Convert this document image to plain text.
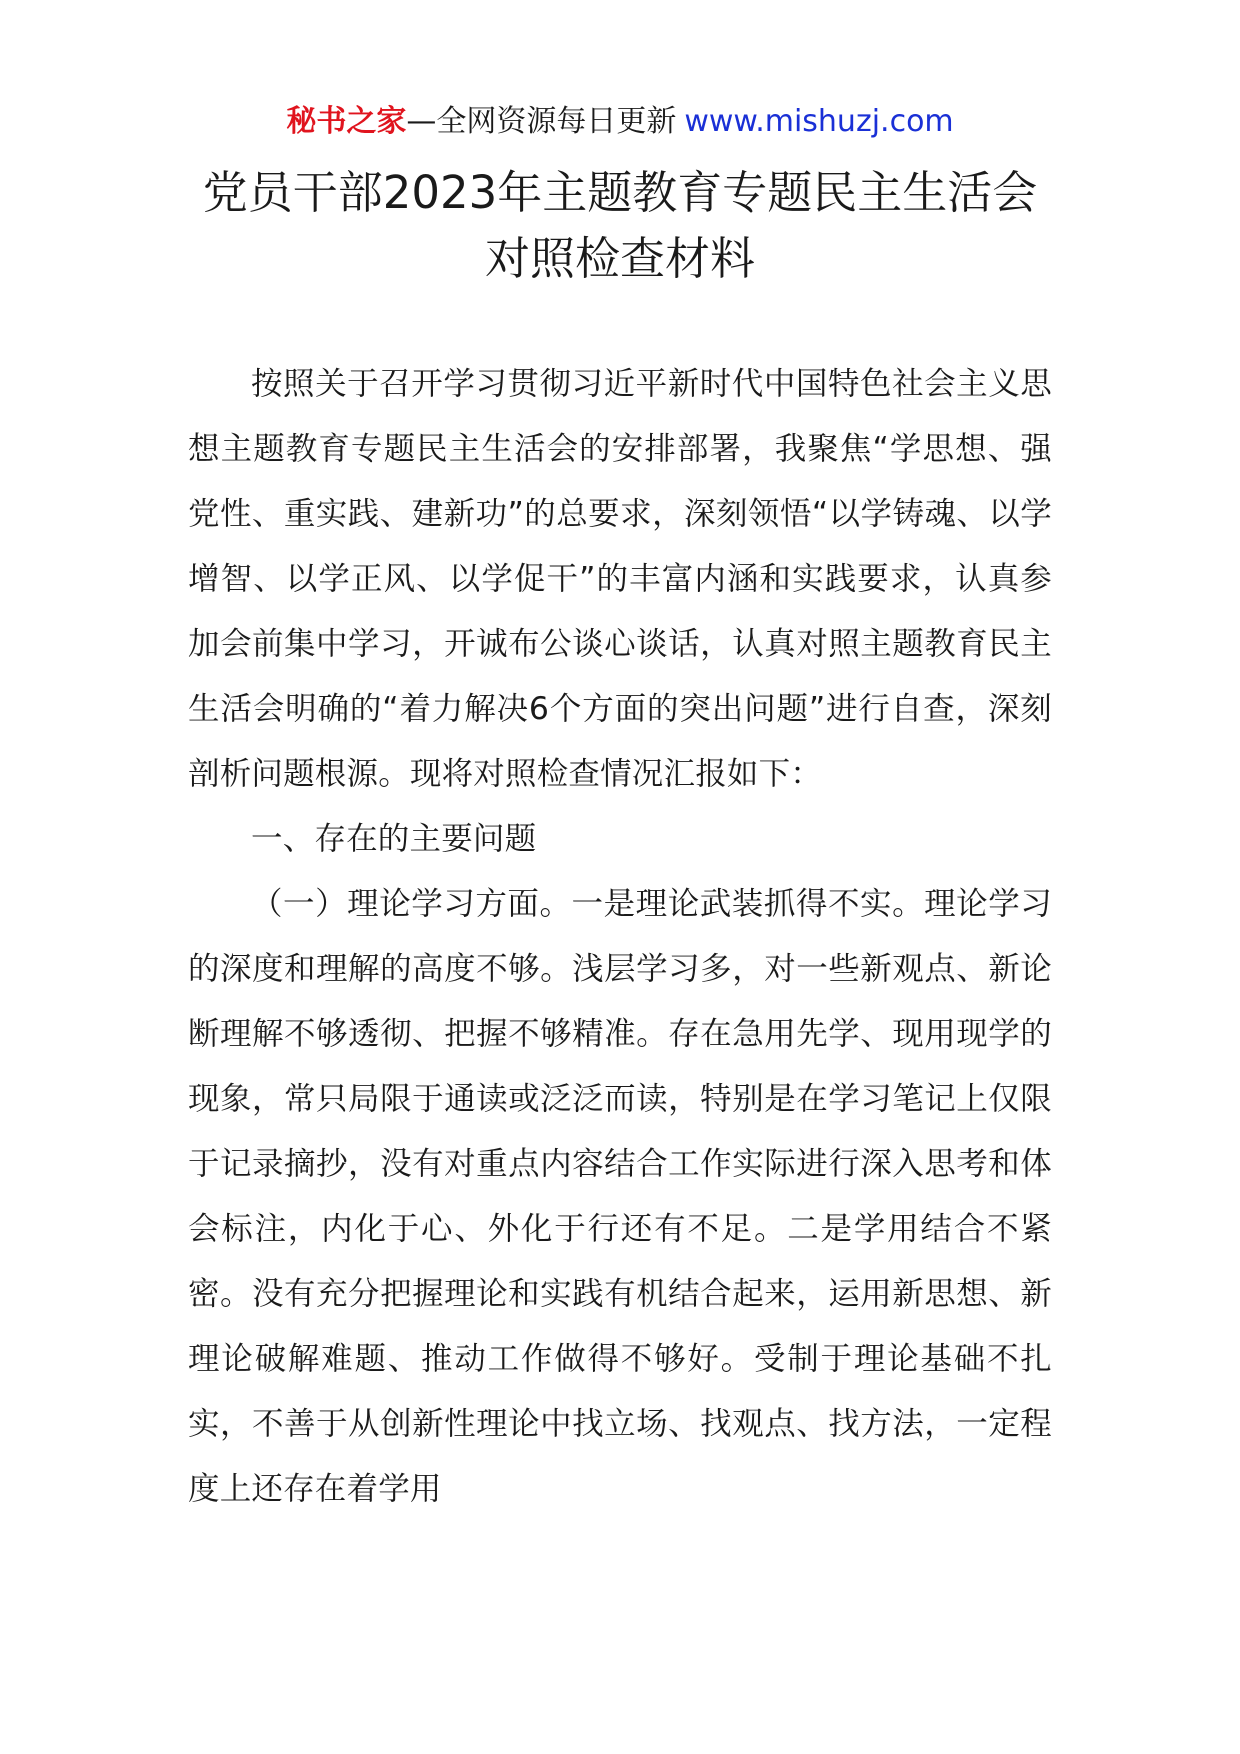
秘书之家—全网资源每日更新 www.mishuzj.com
党员干部2023年主题教育专题民主生活会
对照检查材料

按照关于召开学习贯彻习近平新时代中国特色社会主义思想主题教育专题民主生活会的安排部署，我聚焦“学思想、强党性、重实践、建新功”的总要求，深刻领悟“以学铸魂、以学增智、以学正风、以学促干”的丰富内涵和实践要求，认真参加会前集中学习，开诚布公谈心谈话，认真对照主题教育民主生活会明确的“着力解决6个方面的突出问题”进行自查，深刻剖析问题根源。现将对照检查情况汇报如下：

一、存在的主要问题

（一）理论学习方面。一是理论武装抓得不实。理论学习的深度和理解的高度不够。浅层学习多，对一些新观点、新论断理解不够透彻、把握不够精准。存在急用先学、现用现学的现象，常只局限于通读或泛泛而读，特别是在学习笔记上仅限于记录摘抄，没有对重点内容结合工作实际进行深入思考和体会标注，内化于心、外化于行还有不足。二是学用结合不紧密。没有充分把握理论和实践有机结合起来，运用新思想、新理论破解难题、推动工作做得不够好。受制于理论基础不扎实，不善于从创新性理论中找立场、找观点、找方法，一定程度上还存在着学用
